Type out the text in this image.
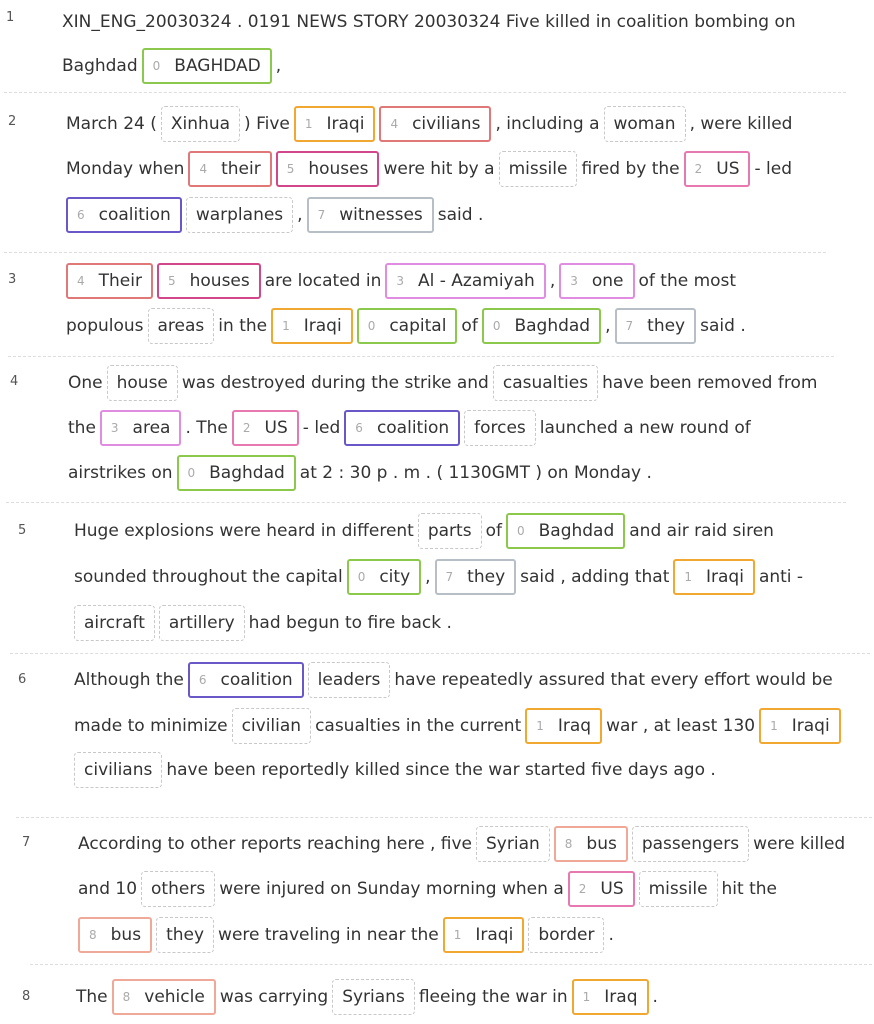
1	XIN_ENG_20030324 . 0191 NEWS STORY 20030324 Five killed in coalition bombing on
Baghdad 0 BAGHDAD ,
2	March 24 ( Xinhua ) Five 1 Iraqi 4 civilians , including a woman , were killed
Monday when 4 their 5 houses were hit by a missile fired by the 2 US - led
6 coalition	warplanes , 7 witnesses said .
3	4 Their 5 houses are located in 3 Al - Azamiyah , 3 one of the most
populous areas in the 1 Iraqi 0 capital of 0 Baghdad , 7 they said .
4	One house was destroyed during the strike and casualties have been removed from
the 3 area . The 2 US - led 6 coalition	forces launched a new round of
airstrikes on 0 Baghdad at 2 : 30 p . m . ( 1130GMT ) on Monday .
5	Huge explosions were heard in different parts of 0 Baghdad and air raid siren
sounded throughout the capital 0 city , 7 they said , adding that 1 Iraqi anti -
aircraft	artillery had begun to fire back .
6	Although the 6 coalition	leaders have repeatedly assured that every effort would be
made to minimize civilian casualties in the current 1 Iraq war , at least 130 1 Iraqi
civilians have been reportedly killed since the war started five days ago .
7	According to other reports reaching here , five Syrian	8 bus	passengers were killed
and 10 others were injured on Sunday morning when a 2 US	missile hit the
8 bus	they were traveling in near the 1 Iraqi	border .
8	The 8 vehicle was carrying Syrians fleeing the war in 1 Iraq .
